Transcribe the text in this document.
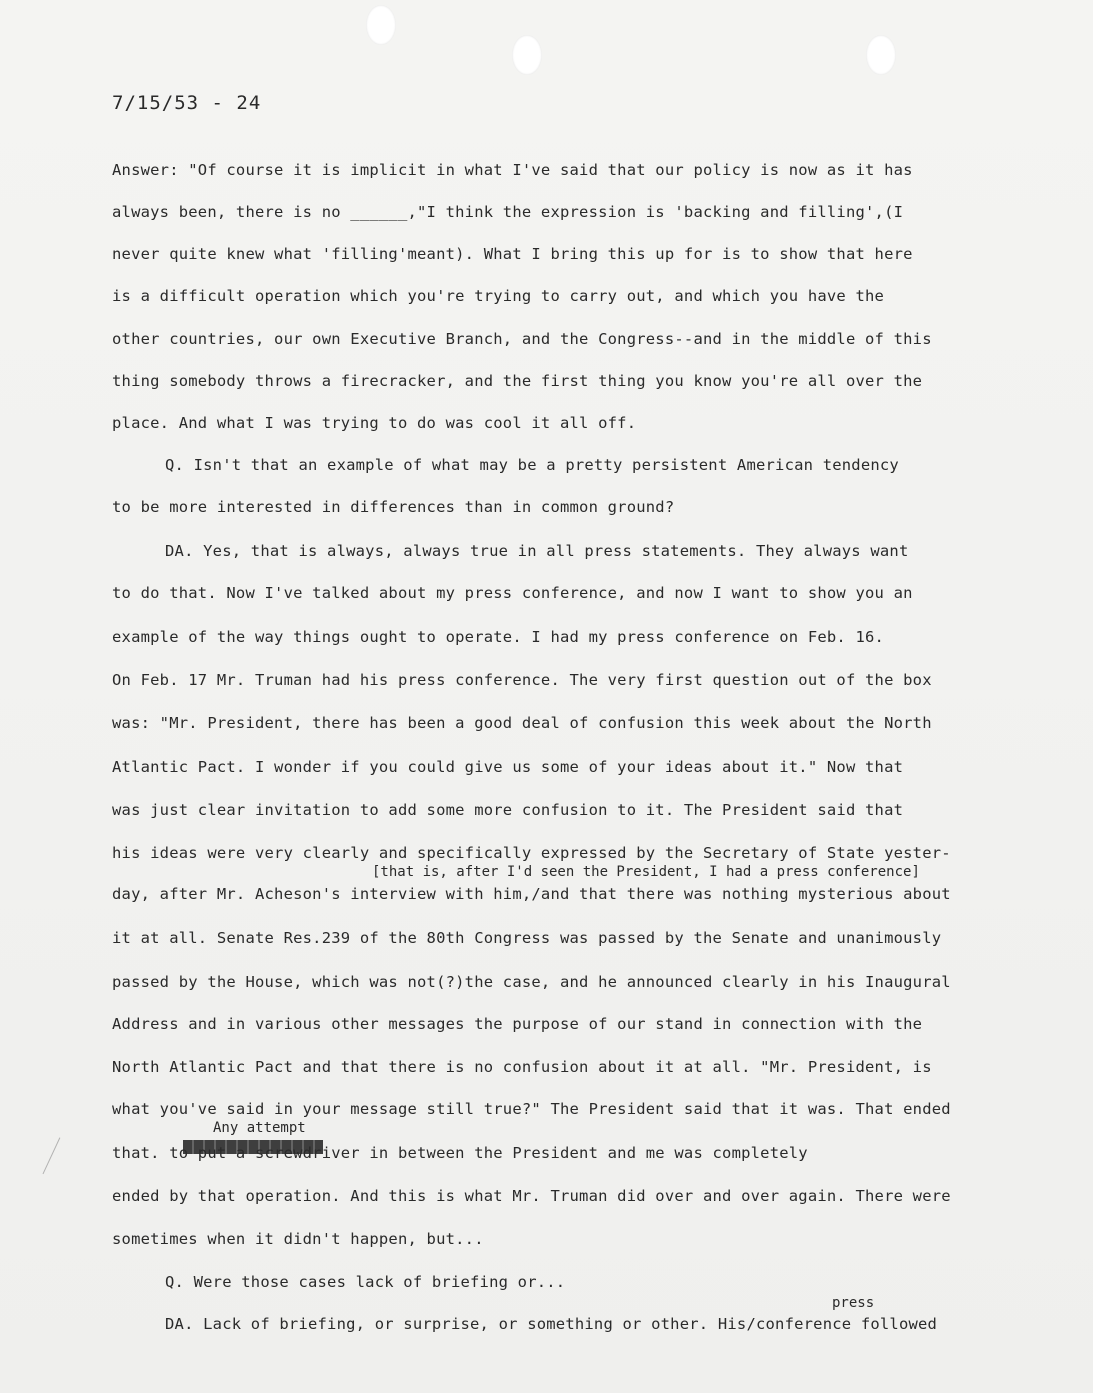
7/15/53 - 24
Answer: "Of course it is implicit in what I've said that our policy is now as it has
always been, there is no ______,"I think the expression is 'backing and filling',(I
never quite knew what 'filling'meant). What I bring this up for is to show that here
is a difficult operation which you're trying to carry out, and which you have the
other countries, our own Executive Branch, and the Congress--and in the middle of this
thing somebody throws a firecracker, and the first thing you know you're all over the
place. And what I was trying to do was cool it all off.
Q. Isn't that an example of what may be a pretty persistent American tendency
to be more interested in differences than in common ground?
DA. Yes, that is always, always true in all press statements. They always want
to do that. Now I've talked about my press conference, and now I want to show you an
example of the way things ought to operate. I had my press conference on Feb. 16.
On Feb. 17 Mr. Truman had his press conference. The very first question out of the box
was: "Mr. President, there has been a good deal of confusion this week about the North
Atlantic Pact. I wonder if you could give us some of your ideas about it." Now that
was just clear invitation to add some more confusion to it. The President said that
his ideas were very clearly and specifically expressed by the Secretary of State yester-
[that is, after I'd seen the President, I had a press conference]
day, after Mr. Acheson's interview with him,/and that there was nothing mysterious about
it at all. Senate Res.239 of the 80th Congress was passed by the Senate and unanimously
passed by the House, which was not(?)the case, and he announced clearly in his Inaugural
Address and in various other messages the purpose of our stand in connection with the
North Atlantic Pact and that there is no confusion about it at all. "Mr. President, is
what you've said in your message still true?" The President said that it was. That ended
Any attempt
that. to put a screwdriver in between the President and me was completely
ended by that operation. And this is what Mr. Truman did over and over again. There were
sometimes when it didn't happen, but...
Q. Were those cases lack of briefing or...
press
DA. Lack of briefing, or surprise, or something or other. His/conference followed
